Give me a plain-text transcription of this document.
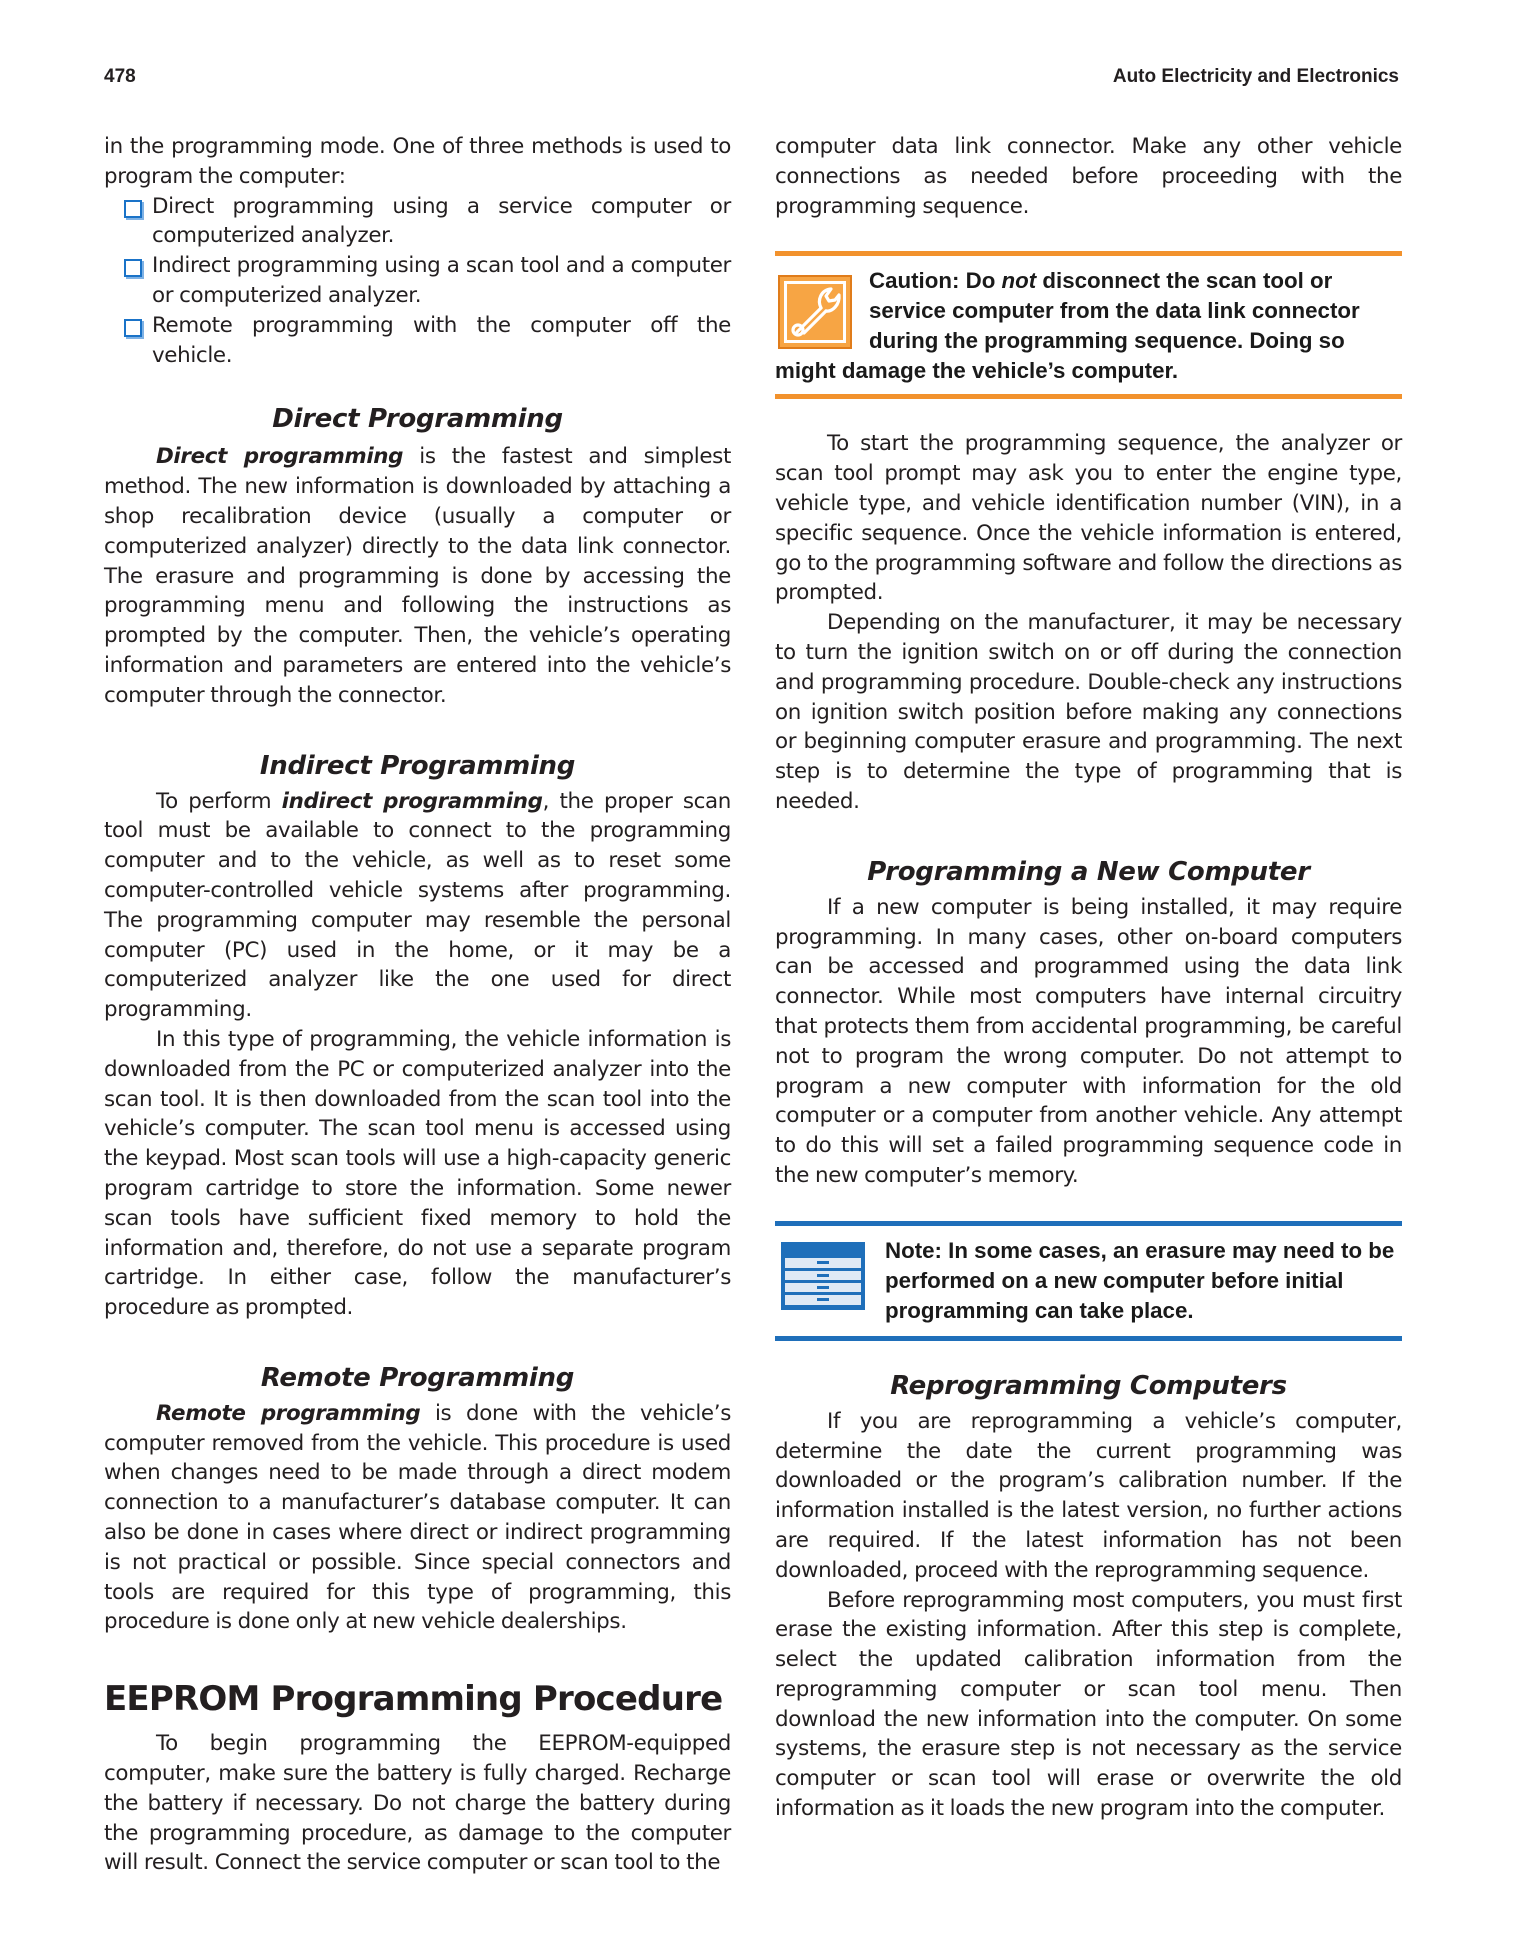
478	Auto Electricity and Electronics

in the programming mode. One of three methods is used to program the computer:

Direct programming using a service computer or computerized analyzer.
Indirect programming using a scan tool and a computer or computerized analyzer.
Remote programming with the computer off the vehicle.
Direct Programming

Direct programming is the fastest and simplest method. The new information is downloaded by attaching a shop recalibration device (usually a computer or computerized analyzer) directly to the data link connector. The erasure and programming is done by accessing the programming menu and following the instructions as prompted by the computer. Then, the vehicle’s operating information and parameters are entered into the vehicle’s computer through the connector.

Indirect Programming

To perform indirect programming, the proper scan tool must be available to connect to the programming computer and to the vehicle, as well as to reset some computer-controlled vehicle systems after programming. The programming computer may resemble the personal computer (PC) used in the home, or it may be a computerized analyzer like the one used for direct programming.

In this type of programming, the vehicle information is downloaded from the PC or computerized analyzer into the scan tool. It is then downloaded from the scan tool into the vehicle’s computer. The scan tool menu is accessed using the keypad. Most scan tools will use a high-capacity generic program cartridge to store the information. Some newer scan tools have sufficient fixed memory to hold the information and, therefore, do not use a separate program cartridge. In either case, follow the manufacturer’s procedure as prompted.

Remote Programming

Remote programming is done with the vehicle’s computer removed from the vehicle. This procedure is used when changes need to be made through a direct modem connection to a manufacturer’s database computer. It can also be done in cases where direct or indirect programming is not practical or possible. Since special connectors and tools are required for this type of programming, this procedure is done only at new vehicle dealerships.

EEPROM Programming Procedure

To begin programming the EEPROM-equipped computer, make sure the battery is fully charged. Recharge the battery if necessary. Do not charge the battery during the programming procedure, as damage to the computer will result. Connect the service computer or scan tool to the

computer data link connector. Make any other vehicle connections as needed before proceeding with the programming sequence.

Caution: Do not disconnect the scan tool or service computer from the data link connector during the programming sequence. Doing so might damage the vehicle’s computer.

To start the programming sequence, the analyzer or scan tool prompt may ask you to enter the engine type, vehicle type, and vehicle identification number (VIN), in a specific sequence. Once the vehicle information is entered, go to the programming software and follow the directions as prompted.

Depending on the manufacturer, it may be necessary to turn the ignition switch on or off during the connection and programming procedure. Double-check any instructions on ignition switch position before making any connections or beginning computer erasure and programming. The next step is to determine the type of programming that is needed.

Programming a New Computer

If a new computer is being installed, it may require programming. In many cases, other on-board computers can be accessed and programmed using the data link connector. While most computers have internal circuitry that protects them from accidental programming, be careful not to program the wrong computer. Do not attempt to program a new computer with information for the old computer or a computer from another vehicle. Any attempt to do this will set a failed programming sequence code in the new computer’s memory.

Note: In some cases, an erasure may need to be performed on a new computer before initial programming can take place.

Reprogramming Computers

If you are reprogramming a vehicle’s computer, determine the date the current programming was downloaded or the program’s calibration number. If the information installed is the latest version, no further actions are required. If the latest information has not been downloaded, proceed with the reprogramming sequence.

Before reprogramming most computers, you must first erase the existing information. After this step is complete, select the updated calibration information from the reprogramming computer or scan tool menu. Then download the new information into the computer. On some systems, the erasure step is not necessary as the service computer or scan tool will erase or overwrite the old information as it loads the new program into the computer.
